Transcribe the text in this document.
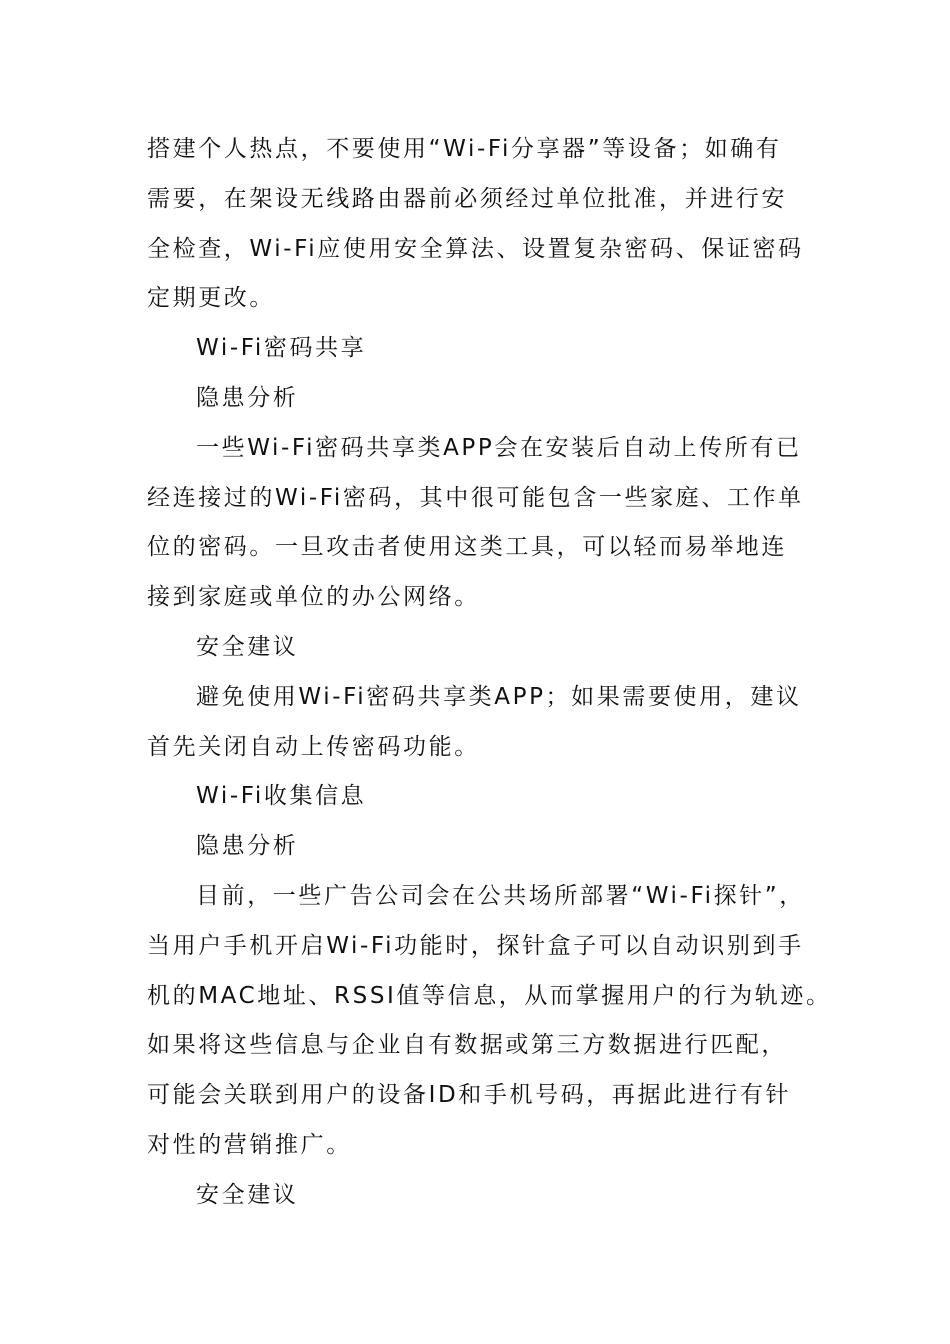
搭建个人热点，不要使用“Wi-Fi分享器”等设备；如确有
需要，在架设无线路由器前必须经过单位批准，并进行安
全检查，Wi-Fi应使用安全算法、设置复杂密码、保证密码
定期更改。
Wi-Fi密码共享
隐患分析
一些Wi-Fi密码共享类APP会在安装后自动上传所有已
经连接过的Wi-Fi密码，其中很可能包含一些家庭、工作单
位的密码。一旦攻击者使用这类工具，可以轻而易举地连
接到家庭或单位的办公网络。
安全建议
避免使用Wi-Fi密码共享类APP；如果需要使用，建议
首先关闭自动上传密码功能。
Wi-Fi收集信息
隐患分析
目前，一些广告公司会在公共场所部署“Wi-Fi探针”，
当用户手机开启Wi-Fi功能时，探针盒子可以自动识别到手
机的MAC地址、RSSI值等信息，从而掌握用户的行为轨迹。
如果将这些信息与企业自有数据或第三方数据进行匹配，
可能会关联到用户的设备ID和手机号码，再据此进行有针
对性的营销推广。
安全建议
